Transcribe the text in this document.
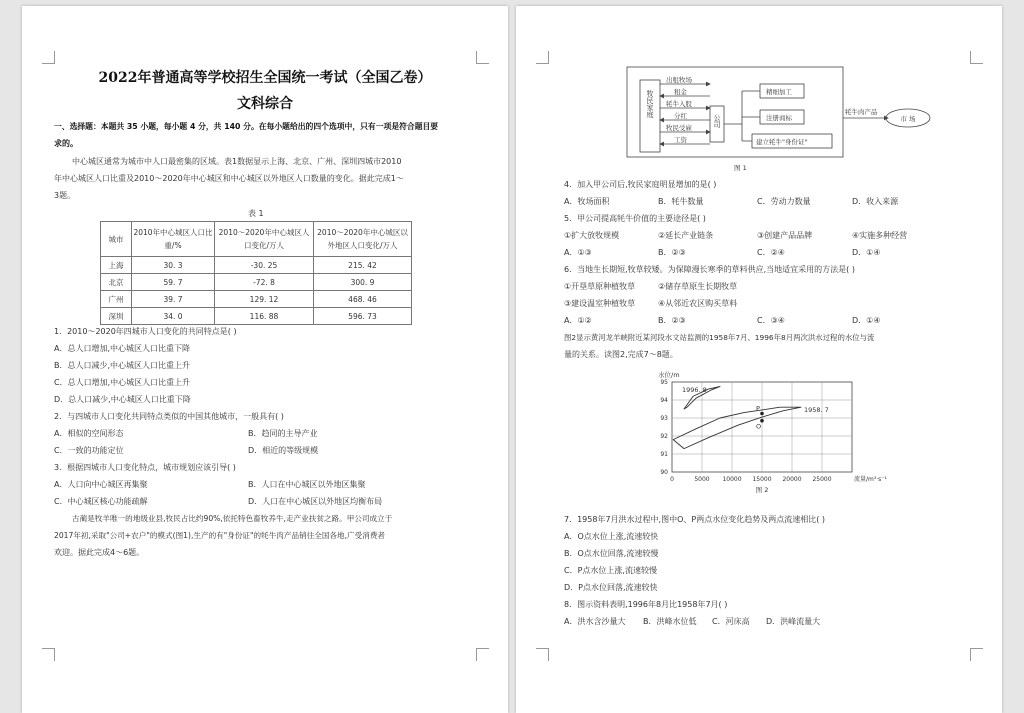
2022年普通高等学校招生全国统一考试（全国乙卷）
文科综合
一、选择题：本题共 35 小题，每小题 4 分，共 140 分。在每小题给出的四个选项中，只有一项是符合题目要
求的。
中心城区通常为城市中人口最密集的区域。表1数据显示上海、北京、广州、深圳四城市2010
年中心城区人口比重及2010～2020年中心城区和中心城区以外地区人口数量的变化。据此完成1～
3题。
表 1
城市	2010年中心城区人口比重/%	2010～2020年中心城区人口变化/万人	2010～2020年中心城区以外地区人口变化/万人
上海	30. 3	-30. 25	215. 42
北京	59. 7	-72. 8	300. 9
广州	39. 7	129. 12	468. 46
深圳	34. 0	116. 88	596. 73
1．2010～2020年四城市人口变化的共同特点是( )
A．总人口增加,中心城区人口比重下降
B．总人口减少,中心城区人口比重上升
C．总人口增加,中心城区人口比重上升
D．总人口减少,中心城区人口比重下降
2．与四城市人口变化共同特点类似的中国其他城市，一般具有( )
A．相似的空间形态	B．趋同的主导产业
C．一致的功能定位	D．相近的等级规模
3．根据四城市人口变化特点，城市规划应该引导( )
A．人口向中心城区再集聚	B．人口在中心城区以外地区集聚
C．中心城区核心功能疏解	D．人口在中心城区以外地区均衡布局
古蔺是牧羊唯一的地级业县,牧民占比约90%,依托特色畜牧养牛,走产业扶贫之路。甲公司成立于
2017年初,采取"公司+农户"的模式(图1),生产的有"身份证"的牦牛肉产品销往全国各地,广受消费者
欢迎。据此完成4～6题。
牧民家庭
公司
出租牧场
租金
牦牛入股
分红
牧民受雇
工资
精细加工
注册商标
建立牦牛"身份证"
牦牛肉产品
市 场
图 1
4．加入甲公司后,牧民家庭明显增加的是( )
A．牧场面积	B．牦牛数量	C．劳动力数量	D．收入来源
5．甲公司提高牦牛价值的主要途径是( )
①扩大放牧规模	②延长产业链条	③创建产品品牌	④实施多种经营
A．①③	B．②③	C．②④	D．①④
6．当地生长期短,牧草较矮。为保障漫长寒季的草料供应,当地适宜采用的方法是( )
①开垦草原种植牧草	②储存草原生长期牧草
③建设温室种植牧草	④从邻近农区购买草料
A．①②	B．②③	C．③④	D．①④
图2显示黄河龙羊峡附近某河段水文站监测的1958年7月、1996年8月两次洪水过程的水位与流
量的关系。读图2,完成7～8题。
0	5000 10000 15000 20000 25000
90
91
92
93
94
95
水位/m
流量/m³·s⁻¹
1996. 8
1958. 7
P
O
图 2
7．1958年7月洪水过程中,图中O、P两点水位变化趋势及两点流速相比( )
A．O点水位上涨,流速较快
B．O点水位回落,流速较慢
C．P点水位上涨,流速较慢
D．P点水位回落,流速较快
8．图示资料表明,1996年8月比1958年7月( )
A．洪水含沙量大 B．洪峰水位低 C．河床高 D．洪峰流量大
